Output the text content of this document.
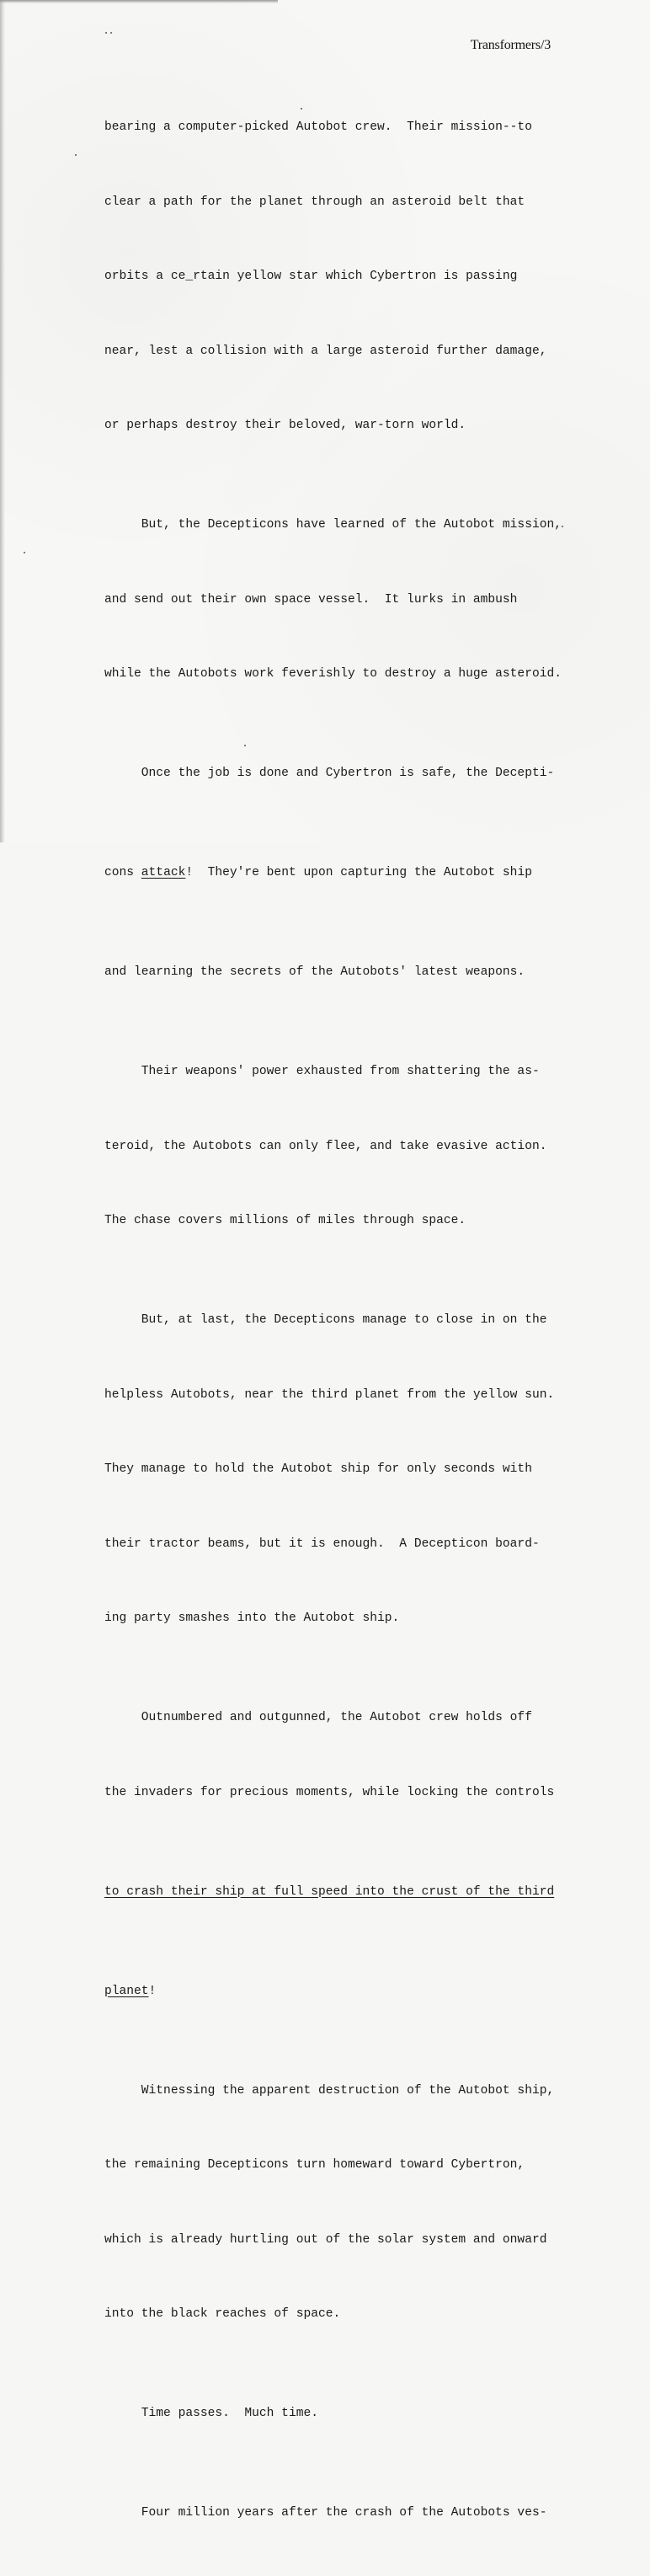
Transformers/3

bearing a computer-picked Autobot crew.  Their mission--to

clear a path for the planet through an asteroid belt that

orbits a ce_rtain yellow star which Cybertron is passing

near, lest a collision with a large asteroid further damage,

or perhaps destroy their beloved, war-torn world.

But, the Decepticons have learned of the Autobot mission,

and send out their own space vessel.  It lurks in ambush

while the Autobots work feverishly to destroy a huge asteroid.

Once the job is done and Cybertron is safe, the Decepti-

cons attack!  They're bent upon capturing the Autobot ship

and learning the secrets of the Autobots' latest weapons.

Their weapons' power exhausted from shattering the as-

teroid, the Autobots can only flee, and take evasive action.

The chase covers millions of miles through space.

But, at last, the Decepticons manage to close in on the

helpless Autobots, near the third planet from the yellow sun.

They manage to hold the Autobot ship for only seconds with

their tractor beams, but it is enough.  A Decepticon board-

ing party smashes into the Autobot ship.

Outnumbered and outgunned, the Autobot crew holds off

the invaders for precious moments, while locking the controls

to crash their ship at full speed into the crust of the third

planet!

Witnessing the apparent destruction of the Autobot ship,

the remaining Decepticons turn homeward toward Cybertron,

which is already hurtling out of the solar system and onward

into the black reaches of space.

Time passes.  Much time.

Four million years after the crash of the Autobots ves-
